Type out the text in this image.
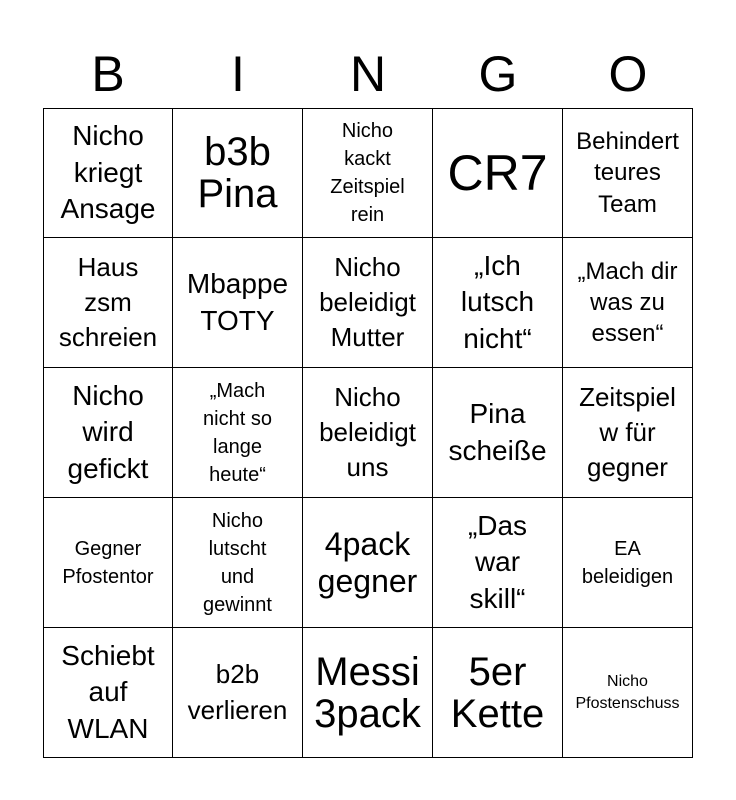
B	I	N	G	O
Nicho
kriegt
Ansage
b3b
Pina
Nicho
kackt
Zeitspiel
rein
CR7
Behindert
teures
Team
Haus
zsm
schreien
Mbappe
TOTY
Nicho
beleidigt
Mutter
„Ich
lutsch
nicht“
„Mach dir
was zu
essen“
Nicho
wird
gefickt
„Mach
nicht so
lange
heute“
Nicho
beleidigt
uns
Pina
scheiße
Zeitspiel
w für
gegner
Gegner
Pfostentor
Nicho
lutscht
und
gewinnt
4pack
gegner
„Das
war
skill“
EA
beleidigen
Schiebt
auf
WLAN
b2b
verlieren
Messi
3pack
5er
Kette
Nicho
Pfostenschuss
